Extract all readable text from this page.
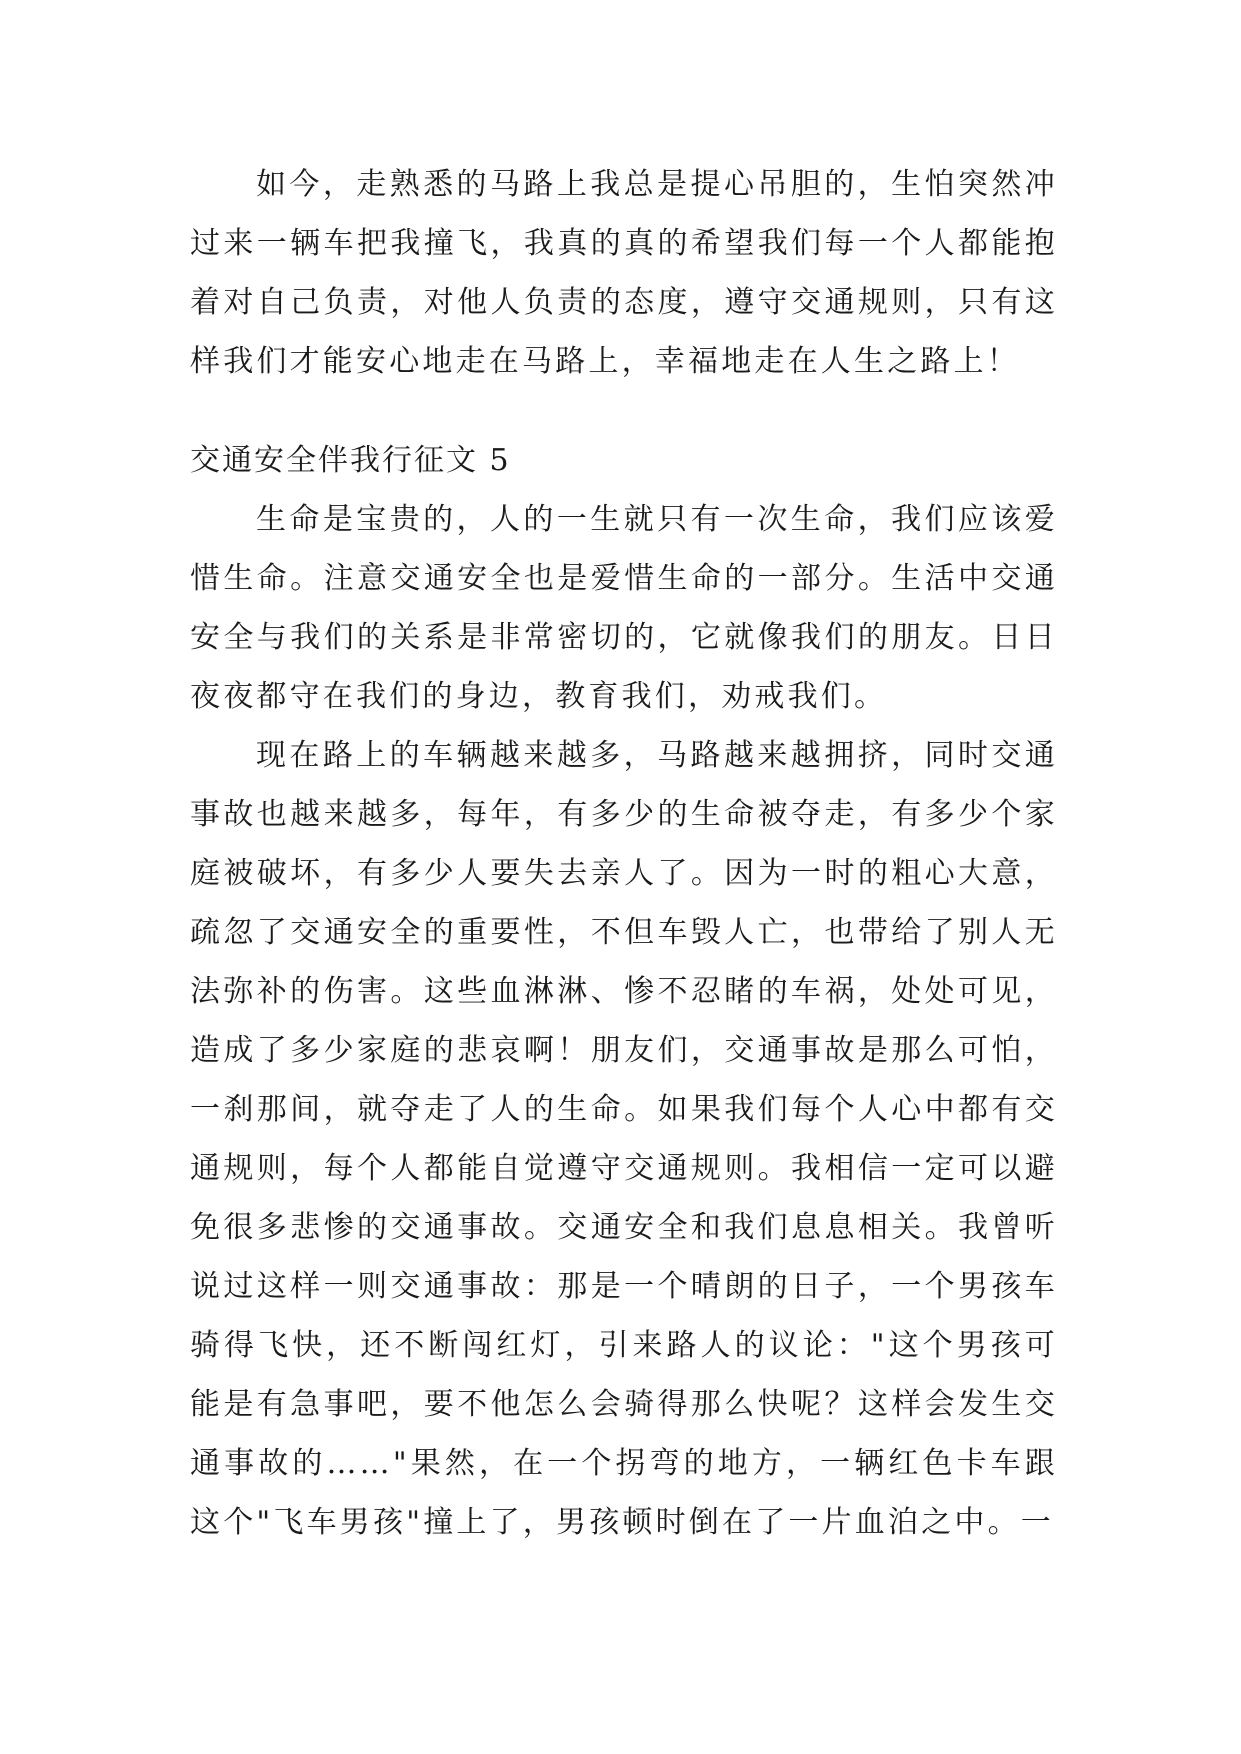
如今，走熟悉的马路上我总是提心吊胆的，生怕突然冲过来一辆车把我撞飞，我真的真的希望我们每一个人都能抱着对自己负责，对他人负责的态度，遵守交通规则，只有这样我们才能安心地走在马路上，幸福地走在人生之路上！

交通安全伴我行征文 5

生命是宝贵的，人的一生就只有一次生命，我们应该爱惜生命。注意交通安全也是爱惜生命的一部分。生活中交通安全与我们的关系是非常密切的，它就像我们的朋友。日日夜夜都守在我们的身边，教育我们，劝戒我们。

现在路上的车辆越来越多，马路越来越拥挤，同时交通事故也越来越多，每年，有多少的生命被夺走，有多少个家庭被破坏，有多少人要失去亲人了。因为一时的粗心大意，疏忽了交通安全的重要性，不但车毁人亡，也带给了别人无法弥补的伤害。这些血淋淋、惨不忍睹的车祸，处处可见，造成了多少家庭的悲哀啊！朋友们，交通事故是那么可怕，一刹那间，就夺走了人的生命。如果我们每个人心中都有交通规则，每个人都能自觉遵守交通规则。我相信一定可以避免很多悲惨的交通事故。交通安全和我们息息相关。我曾听说过这样一则交通事故：那是一个晴朗的日子，一个男孩车骑得飞快，还不断闯红灯，引来路人的议论："这个男孩可能是有急事吧，要不他怎么会骑得那么快呢？这样会发生交通事故的……"果然，在一个拐弯的地方，一辆红色卡车跟这个"飞车男孩"撞上了，男孩顿时倒在了一片血泊之中。一
